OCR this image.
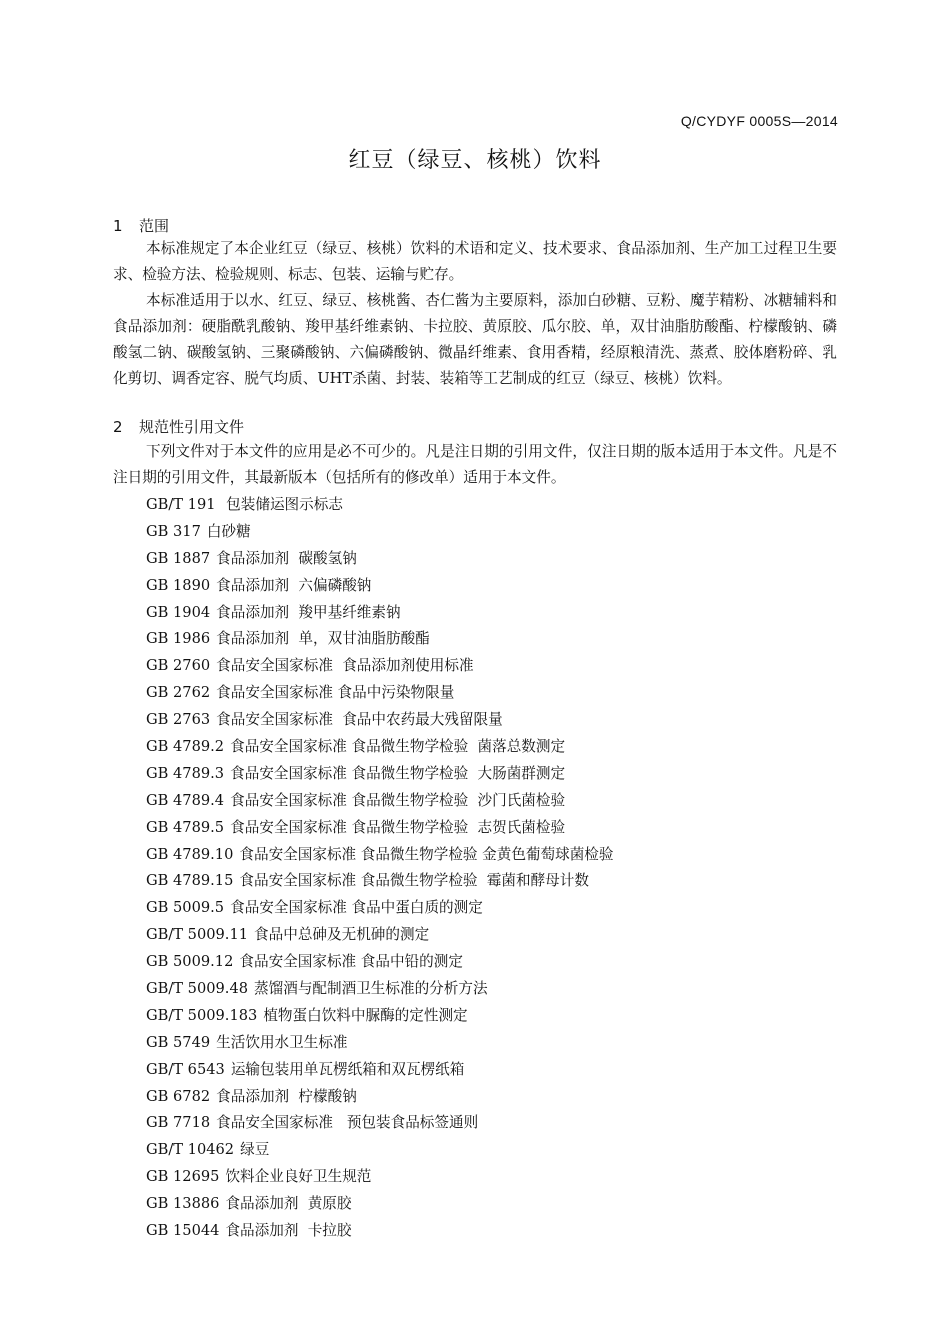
Q/CYDYF 0005S—2014
红豆（绿豆、核桃）饮料
1 范围

本标准规定了本企业红豆（绿豆、核桃）饮料的术语和定义、技术要求、食品添加剂、生产加工过程卫生要求、检验方法、检验规则、标志、包装、运输与贮存。

本标准适用于以水、红豆、绿豆、核桃酱、杏仁酱为主要原料，添加白砂糖、豆粉、魔芋精粉、冰糖辅料和食品添加剂：硬脂酰乳酸钠、羧甲基纤维素钠、卡拉胶、黄原胶、瓜尔胶、单，双甘油脂肪酸酯、柠檬酸钠、磷酸氢二钠、碳酸氢钠、三聚磷酸钠、六偏磷酸钠、微晶纤维素、食用香精，经原粮清洗、蒸煮、胶体磨粉碎、乳化剪切、调香定容、脱气均质、UHT杀菌、封装、装箱等工艺制成的红豆（绿豆、核桃）饮料。

2 规范性引用文件

下列文件对于本文件的应用是必不可少的。凡是注日期的引用文件，仅注日期的版本适用于本文件。凡是不注日期的引用文件，其最新版本（包括所有的修改单）适用于本文件。

GB/T 191 包装储运图示标志
GB 317 白砂糖
GB 1887 食品添加剂  碳酸氢钠
GB 1890 食品添加剂  六偏磷酸钠
GB 1904 食品添加剂  羧甲基纤维素钠
GB 1986 食品添加剂  单，双甘油脂肪酸酯
GB 2760 食品安全国家标准  食品添加剂使用标准
GB 2762 食品安全国家标准 食品中污染物限量
GB 2763 食品安全国家标准  食品中农药最大残留限量
GB 4789.2 食品安全国家标准 食品微生物学检验  菌落总数测定
GB 4789.3 食品安全国家标准 食品微生物学检验  大肠菌群测定
GB 4789.4 食品安全国家标准 食品微生物学检验  沙门氏菌检验
GB 4789.5 食品安全国家标准 食品微生物学检验  志贺氏菌检验
GB 4789.10 食品安全国家标准 食品微生物学检验 金黄色葡萄球菌检验
GB 4789.15 食品安全国家标准 食品微生物学检验  霉菌和酵母计数
GB 5009.5 食品安全国家标准 食品中蛋白质的测定
GB/T 5009.11 食品中总砷及无机砷的测定
GB 5009.12 食品安全国家标准 食品中铅的测定
GB/T 5009.48 蒸馏酒与配制酒卫生标准的分析方法
GB/T 5009.183 植物蛋白饮料中脲酶的定性测定
GB 5749 生活饮用水卫生标准
GB/T 6543 运输包装用单瓦楞纸箱和双瓦楞纸箱
GB 6782 食品添加剂  柠檬酸钠
GB 7718 食品安全国家标准   预包装食品标签通则
GB/T 10462 绿豆
GB 12695 饮料企业良好卫生规范
GB 13886 食品添加剂  黄原胶
GB 15044 食品添加剂  卡拉胶
